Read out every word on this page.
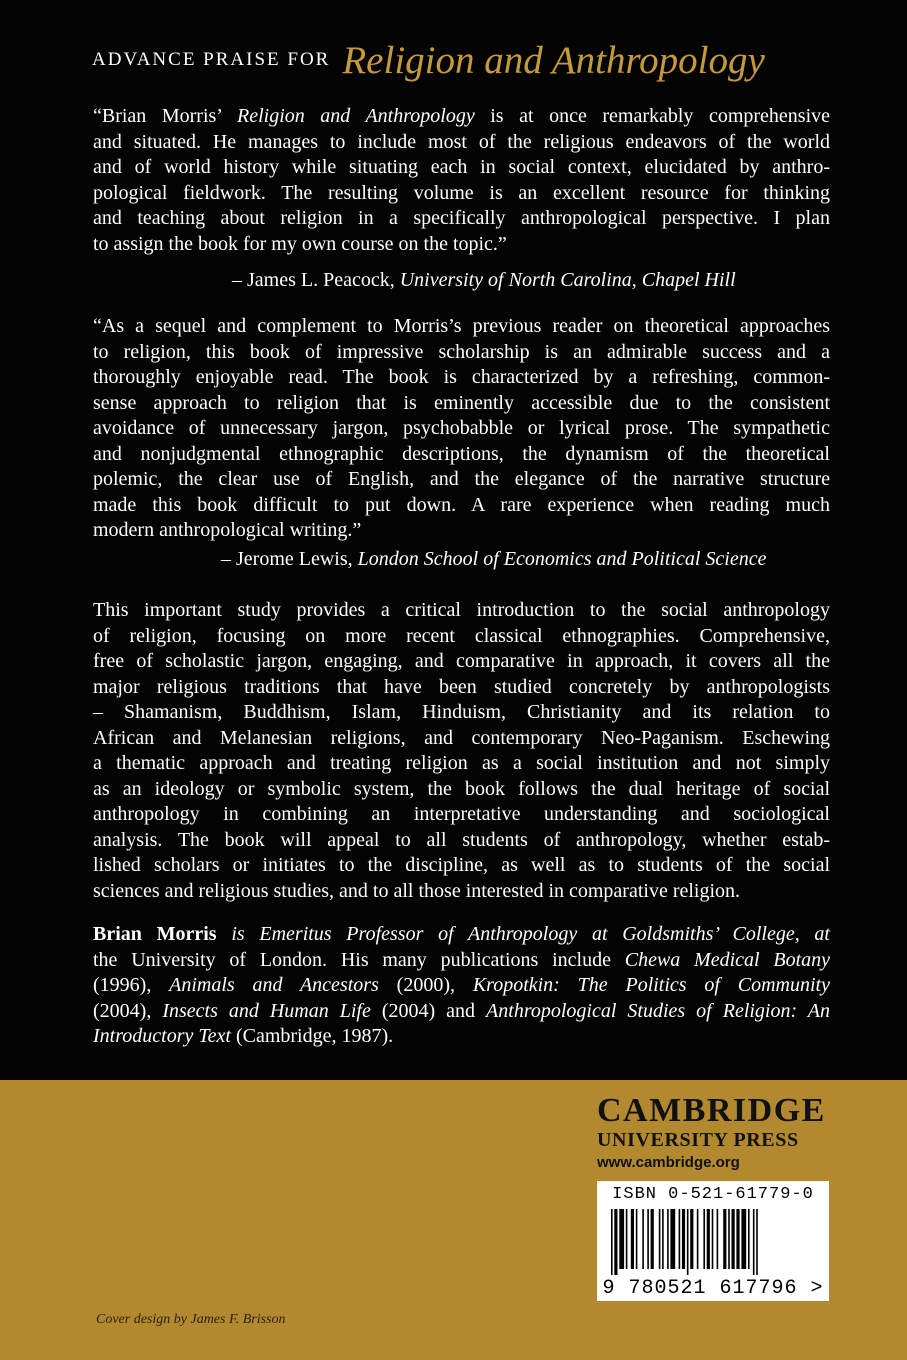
ADVANCE PRAISE FOR Religion and Anthropology
“Brian Morris’ Religion and Anthropology is at once remarkably comprehensive
and situated. He manages to include most of the religious endeavors of the world
and of world history while situating each in social context, elucidated by anthro-
pological fieldwork. The resulting volume is an excellent resource for thinking
and teaching about religion in a specifically anthropological perspective. I plan
to assign the book for my own course on the topic.”
– James L. Peacock, University of North Carolina, Chapel Hill
“As a sequel and complement to Morris’s previous reader on theoretical approaches
to religion, this book of impressive scholarship is an admirable success and a
thoroughly enjoyable read. The book is characterized by a refreshing, common-
sense approach to religion that is eminently accessible due to the consistent
avoidance of unnecessary jargon, psychobabble or lyrical prose. The sympathetic
and nonjudgmental ethnographic descriptions, the dynamism of the theoretical
polemic, the clear use of English, and the elegance of the narrative structure
made this book difficult to put down. A rare experience when reading much
modern anthropological writing.”
– Jerome Lewis, London School of Economics and Political Science
This important study provides a critical introduction to the social anthropology
of religion, focusing on more recent classical ethnographies. Comprehensive,
free of scholastic jargon, engaging, and comparative in approach, it covers all the
major religious traditions that have been studied concretely by anthropologists
– Shamanism, Buddhism, Islam, Hinduism, Christianity and its relation to
African and Melanesian religions, and contemporary Neo-Paganism. Eschewing
a thematic approach and treating religion as a social institution and not simply
as an ideology or symbolic system, the book follows the dual heritage of social
anthropology in combining an interpretative understanding and sociological
analysis. The book will appeal to all students of anthropology, whether estab-
lished scholars or initiates to the discipline, as well as to students of the social
sciences and religious studies, and to all those interested in comparative religion.
Brian Morris is Emeritus Professor of Anthropology at Goldsmiths’ College, at
the University of London. His many publications include Chewa Medical Botany
(1996), Animals and Ancestors (2000), Kropotkin: The Politics of Community
(2004), Insects and Human Life (2004) and Anthropological Studies of Religion: An
Introductory Text (Cambridge, 1987).
CAMBRIDGE
UNIVERSITY PRESS
www.cambridge.org
ISBN 0-521-61779-0
9 780521 617796 >
Cover design by James F. Brisson
